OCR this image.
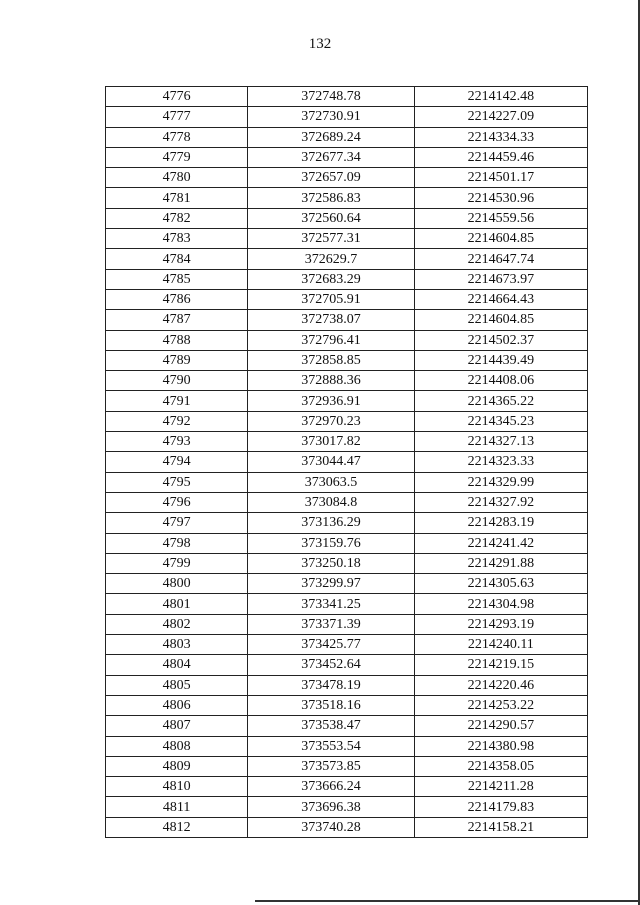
132
4776	372748.78	2214142.48
4777	372730.91	2214227.09
4778	372689.24	2214334.33
4779	372677.34	2214459.46
4780	372657.09	2214501.17
4781	372586.83	2214530.96
4782	372560.64	2214559.56
4783	372577.31	2214604.85
4784	372629.7	2214647.74
4785	372683.29	2214673.97
4786	372705.91	2214664.43
4787	372738.07	2214604.85
4788	372796.41	2214502.37
4789	372858.85	2214439.49
4790	372888.36	2214408.06
4791	372936.91	2214365.22
4792	372970.23	2214345.23
4793	373017.82	2214327.13
4794	373044.47	2214323.33
4795	373063.5	2214329.99
4796	373084.8	2214327.92
4797	373136.29	2214283.19
4798	373159.76	2214241.42
4799	373250.18	2214291.88
4800	373299.97	2214305.63
4801	373341.25	2214304.98
4802	373371.39	2214293.19
4803	373425.77	2214240.11
4804	373452.64	2214219.15
4805	373478.19	2214220.46
4806	373518.16	2214253.22
4807	373538.47	2214290.57
4808	373553.54	2214380.98
4809	373573.85	2214358.05
4810	373666.24	2214211.28
4811	373696.38	2214179.83
4812	373740.28	2214158.21
